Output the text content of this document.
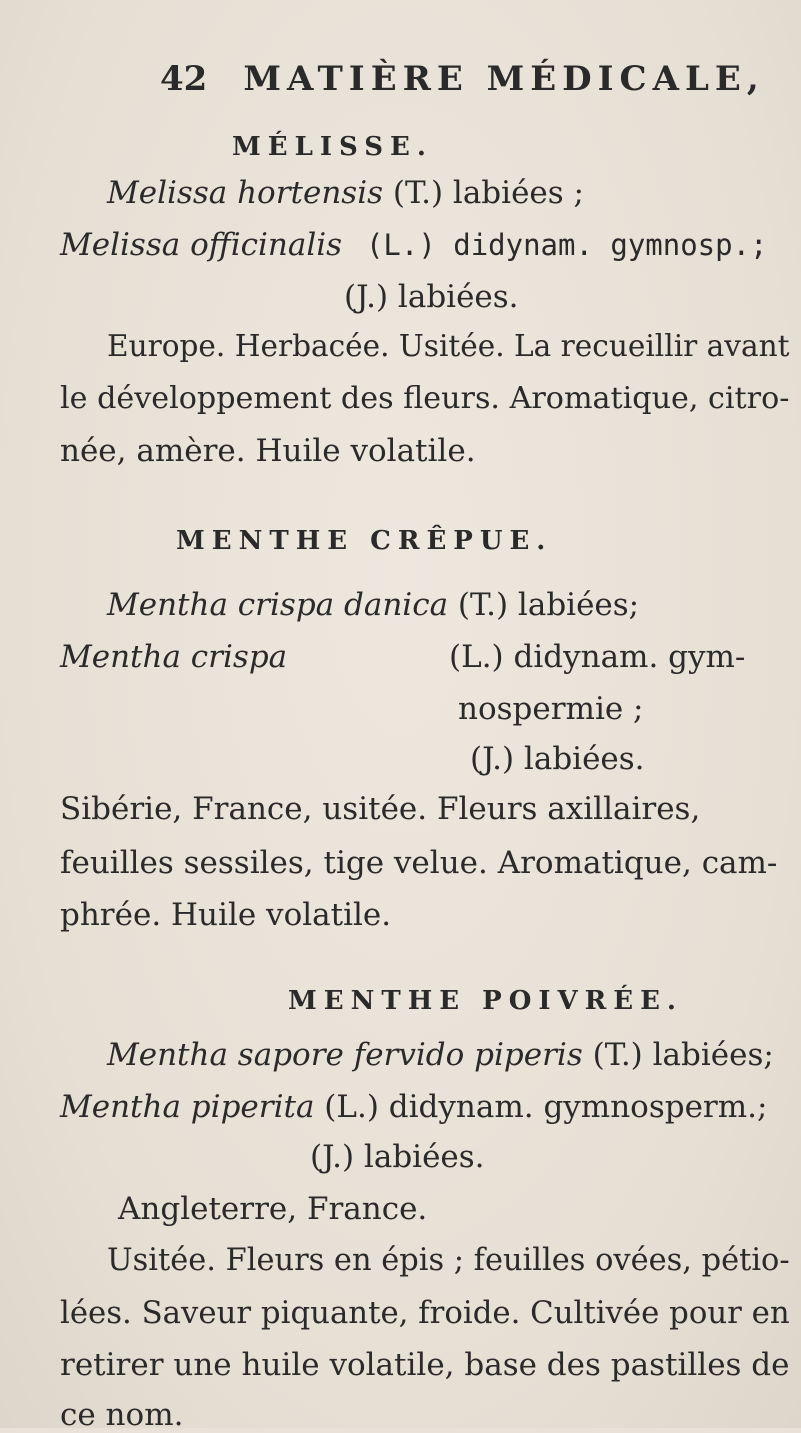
42 MATIÈRE MÉDICALE,
MÉLISSE.
Melissa hortensis (T.) labiées ;
Melissa officinalis (L.) didynam. gymnosp.;
(J.) labiées.
Europe. Herbacée. Usitée. La recueillir avant
le développement des fleurs. Aromatique, citro-
née, amère. Huile volatile.
MENTHE CRÊPUE.
Mentha crispa danica (T.) labiées;
Mentha crispa	(L.) didynam. gym-
nospermie ;
(J.) labiées.
Sibérie, France, usitée. Fleurs axillaires,
feuilles sessiles, tige velue. Aromatique, cam-
phrée. Huile volatile.
MENTHE POIVRÉE.
Mentha sapore fervido piperis (T.) labiées;
Mentha piperita (L.) didynam. gymnosperm.;
(J.) labiées.
Angleterre, France.
Usitée. Fleurs en épis ; feuilles ovées, pétio-
lées. Saveur piquante, froide. Cultivée pour en
retirer une huile volatile, base des pastilles de
ce nom.
